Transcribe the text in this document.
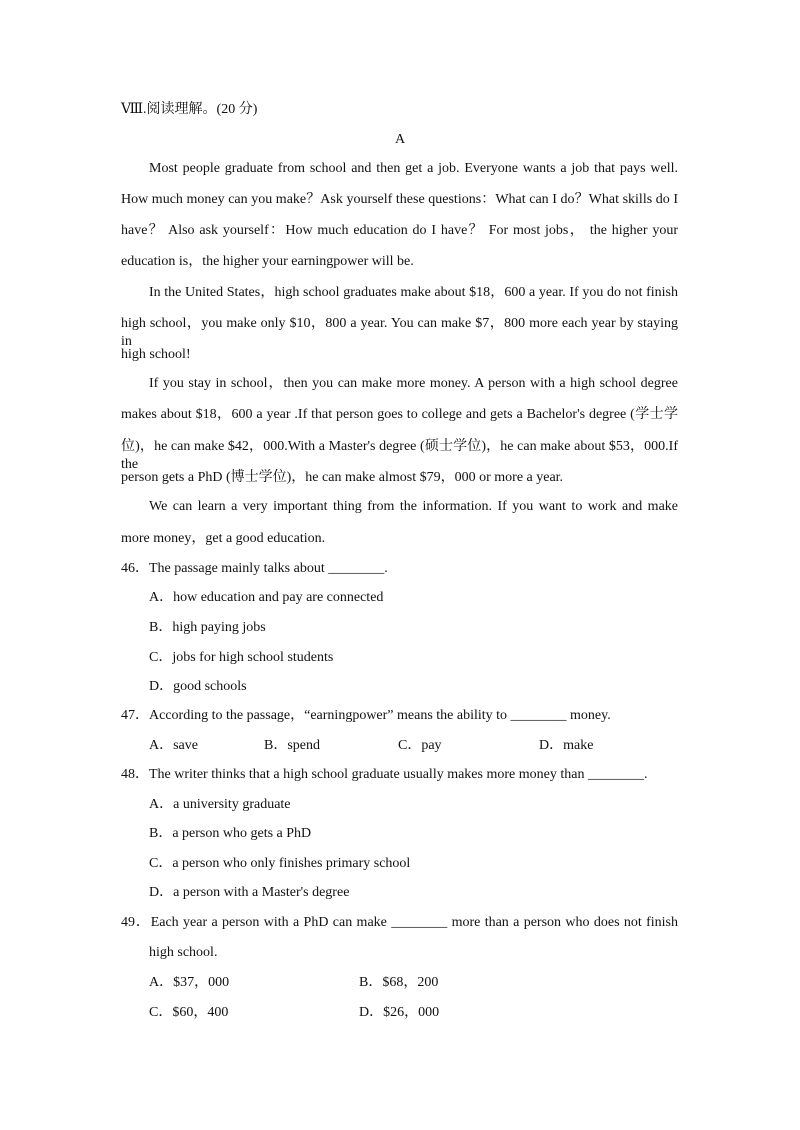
Ⅷ.阅读理解。(20 分)
A
Most people graduate from school and then get a job. Everyone wants a job that pays well.
How much money can you make？Ask yourself these questions：What can I do？What skills do I
have？ Also ask yourself：How much education do I have？ For most jobs， the higher your
education is，the higher your earningpower will be.
In the United States，high school graduates make about $18，600 a year. If you do not finish
high school，you make only $10，800 a year. You can make $7，800 more each year by staying in
high school!
If you stay in school，then you can make more money. A person with a high school degree
makes about $18，600 a year .If that person goes to college and gets a Bachelor's degree (学士学
位)，he can make $42，000.With a Master's degree (硕士学位)，he can make about $53，000.If the
person gets a PhD (博士学位)，he can make almost $79，000 or more a year.
We can learn a very important thing from the information. If you want to work and make
more money，get a good education.
46．The passage mainly talks about ________.
A．how education and pay are connected
B．high paying jobs
C．jobs for high school students
D．good schools
47．According to the passage，“earningpower” means the ability to ________ money.
A．save	B．spend	C．pay	D．make
48．The writer thinks that a high school graduate usually makes more money than ________.
A．a university graduate
B．a person who gets a PhD
C．a person who only finishes primary school
D．a person with a Master's degree
49．Each year a person with a PhD can make ________ more than a person who does not finish
high school.
A．$37，000	B．$68，200
C．$60，400	D．$26，000
